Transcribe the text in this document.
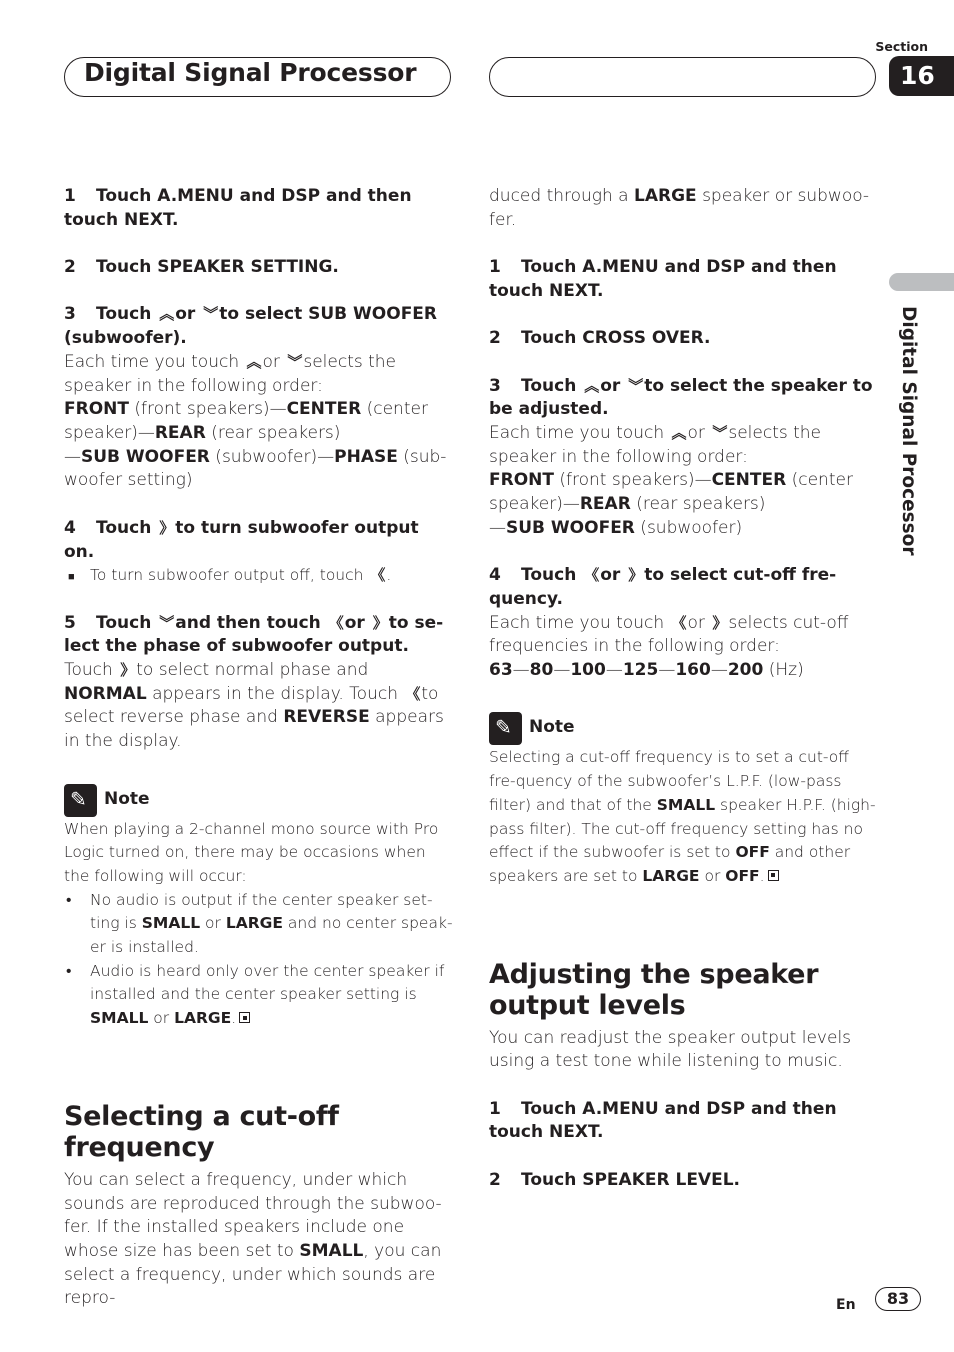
Digital Signal Processor
Section
16
Digital Signal Processor

1 Touch A.MENU and DSP and then touch NEXT.

2 Touch SPEAKER SETTING.

3 Touch ︽ or ︾ to select SUB WOOFER (subwoofer).

Each time you touch ︽ or ︾ selects the speaker in the following order:

FRONT (front speakers)—CENTER (center speaker)—REAR (rear speakers)
—SUB WOOFER (subwoofer)—PHASE (sub-woofer setting)

4 Touch 》 to turn subwoofer output on.

■ To turn subwoofer output off, touch 《 .

5 Touch ︾ and then touch 《 or 》 to se-lect the phase of subwoofer output.

Touch 》 to select normal phase and NORMAL appears in the display. Touch 《 to select reverse phase and REVERSE appears in the display.

✎ Note

When playing a 2-channel mono source with Pro Logic turned on, there may be occasions when the following will occur:

• No audio is output if the center speaker set-ting is SMALL or LARGE and no center speak-er is installed.

• Audio is heard only over the center speaker if installed and the center speaker setting is SMALL or LARGE.

Selecting a cut-off frequency

You can select a frequency, under which sounds are reproduced through the subwoo-fer. If the installed speakers include one whose size has been set to SMALL, you can select a frequency, under which sounds are repro-

duced through a LARGE speaker or subwoo-fer.

1 Touch A.MENU and DSP and then touch NEXT.

2 Touch CROSS OVER.

3 Touch ︽ or ︾ to select the speaker to be adjusted.

Each time you touch ︽ or ︾ selects the speaker in the following order:

FRONT (front speakers)—CENTER (center speaker)—REAR (rear speakers)
—SUB WOOFER (subwoofer)

4 Touch 《 or 》 to select cut-off fre-quency.

Each time you touch 《 or 》 selects cut-off frequencies in the following order:

63—80—100—125—160—200 (Hz)

✎ Note

Selecting a cut-off frequency is to set a cut-off fre-quency of the subwoofer’s L.P.F. (low-pass filter) and that of the SMALL speaker H.P.F. (high-pass filter). The cut-off frequency setting has no effect if the subwoofer is set to OFF and other speakers are set to LARGE or OFF.

Adjusting the speaker output levels

You can readjust the speaker output levels using a test tone while listening to music.

1 Touch A.MENU and DSP and then touch NEXT.

2 Touch SPEAKER LEVEL.

En	83
